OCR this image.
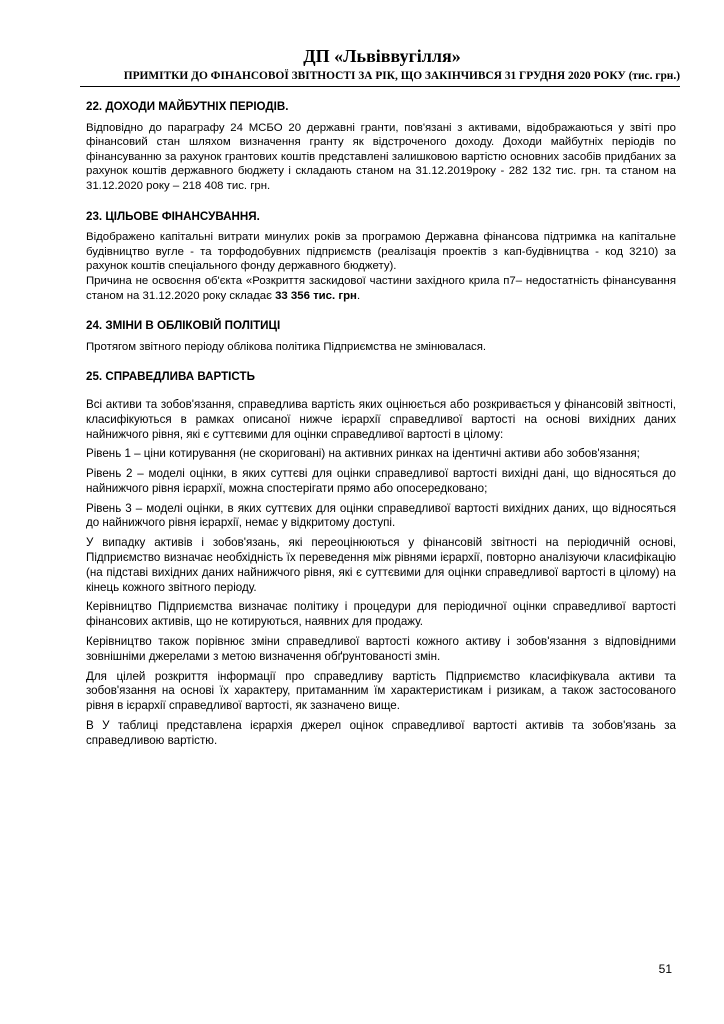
ДП «Львіввугілля»
ПРИМІТКИ ДО ФІНАНСОВОЇ ЗВІТНОСТІ ЗА РІК, ЩО ЗАКІНЧИВСЯ 31 ГРУДНЯ 2020 РОКУ (тис. грн.)

22. ДОХОДИ МАЙБУТНІХ ПЕРІОДІВ.

Відповідно до параграфу 24 МСБО 20 державні гранти, пов'язані з активами, відображаються у звіті про фінансовий стан шляхом визначення гранту як відстроченого доходу. Доходи майбутніх періодів по фінансуванню за рахунок грантових коштів представлені залишковою вартістю основних засобів придбаних за рахунок коштів державного бюджету і складають станом на 31.12.2019року - 282 132 тис. грн. та станом на 31.12.2020 року – 218 408 тис. грн.

23. ЦІЛЬОВЕ ФІНАНСУВАННЯ.

Відображено капітальні витрати минулих років за програмою Державна фінансова підтримка на капітальне будівництво вугле - та торфодобувних підприємств (реалізація проектів з кап-будівництва - код 3210) за рахунок коштів спеціального фонду державного бюджету).

Причина не освоєння об'єкта «Розкриття заскидової частини західного крила п7– недостатність фінансування станом на 31.12.2020 року складає 33 356 тис. грн.

24. ЗМІНИ В ОБЛІКОВІЙ ПОЛІТИЦІ

Протягом звітного періоду облікова політика Підприємства не змінювалася.

25. СПРАВЕДЛИВА ВАРТІСТЬ

Всі активи та зобов'язання, справедлива вартість яких оцінюється або розкривається у фінансовій звітності, класифікуються в рамках описаної нижче ієрархії справедливої вартості на основі вихідних даних найнижчого рівня, які є суттєвими для оцінки справедливої вартості в цілому:

Рівень 1 – ціни котирування (не скориговані) на активних ринках на ідентичні активи або зобов'язання;

Рівень 2 – моделі оцінки, в яких суттєві для оцінки справедливої вартості вихідні дані, що відносяться до найнижчого рівня ієрархії, можна спостерігати прямо або опосередковано;

Рівень 3 – моделі оцінки, в яких суттєвих для оцінки справедливої вартості вихідних даних, що відносяться до найнижчого рівня ієрархії, немає у відкритому доступі.

У випадку активів і зобов'язань, які переоцінюються у фінансовій звітності на періодичній основі, Підприємство визначає необхідність їх переведення між рівнями ієрархії, повторно аналізуючи класифікацію (на підставі вихідних даних найнижчого рівня, які є суттєвими для оцінки справедливої вартості в цілому) на кінець кожного звітного періоду.

Керівництво Підприємства визначає політику і процедури для періодичної оцінки справедливої вартості фінансових активів, що не котируються, наявних для продажу.

Керівництво також порівнює зміни справедливої вартості кожного активу і зобов'язання з відповідними зовнішніми джерелами з метою визначення обґрунтованості змін.

Для цілей розкриття інформації про справедливу вартість Підприємство класифікувала активи та зобов'язання на основі їх характеру, притаманним їм характеристикам і ризикам, а також застосованого рівня в ієрархії справедливої вартості, як зазначено вище.

В У таблиці представлена ієрархія джерел оцінок справедливої вартості активів та зобов'язань за справедливою вартістю.

51
